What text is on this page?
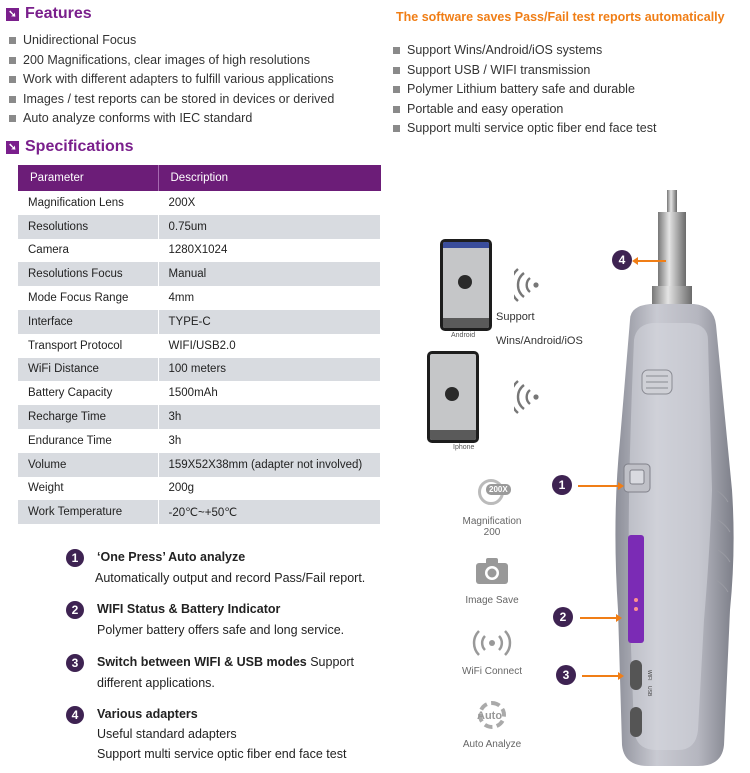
➘ Features
Unidirectional Focus
200 Magnifications, clear images of high resolutions
Work with different adapters to fulfill various applications
Images / test reports can be stored in devices or derived
Auto analyze conforms with IEC standard
The software saves Pass/Fail test reports automatically
Support Wins/Android/iOS systems
Support USB / WIFI transmission
Polymer Lithium battery safe and durable
Portable and easy operation
Support multi service optic fiber end face test
➘ Specifications
Parameter	Description
Magnification Lens	200X
Resolutions	0.75um
Camera	1280X1024
Resolutions Focus	Manual
Mode Focus Range	4mm
Interface	TYPE-C
Transport Protocol	WIFI/USB2.0
WiFi Distance	100 meters
Battery Capacity	1500mAh
Recharge Time	3h
Endurance Time	3h
Volume	159X52X38mm (adapter not involved)
Weight	200g
Work Temperature	-20℃~+50℃
1	‘One Press’ Auto analyze
Automatically output and record Pass/Fail report.
2	WIFI Status & Battery Indicator
Polymer battery offers safe and long service.
3	Switch between WIFI & USB modes Support
different applications.
4	Various adapters
Useful standard adapters
Support multi service optic fiber end face test
Android
Iphone
Support
Wins/Android/iOS
200X
Magnification
200
Image Save
WiFi Connect
Auto
Auto Analyze
WIFI
USB
4
1
2
3
